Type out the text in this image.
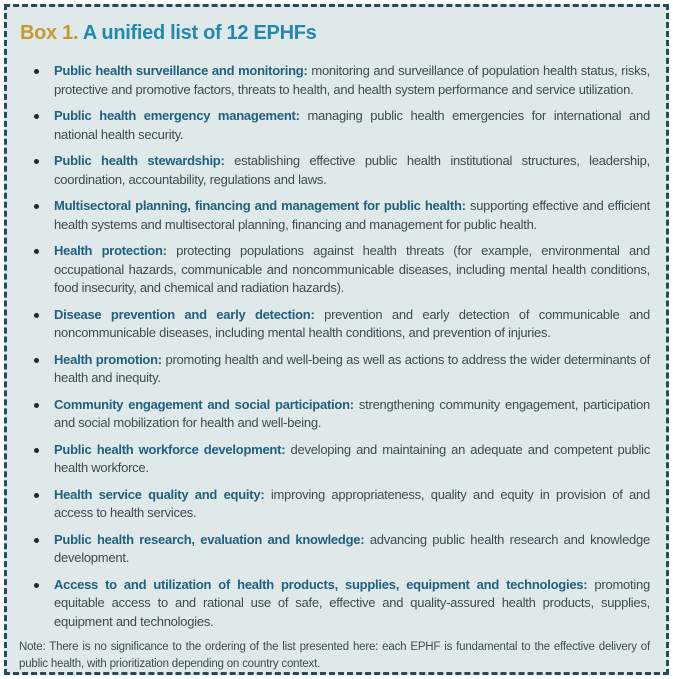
Box 1. A unified list of 12 EPHFs

Public health surveillance and monitoring: monitoring and surveillance of population health status, risks, protective and promotive factors, threats to health, and health system performance and service utilization.

Public health emergency management: managing public health emergencies for international and national health security.

Public health stewardship: establishing effective public health institutional structures, leadership, coordination, accountability, regulations and laws.

Multisectoral planning, financing and management for public health: supporting effective and efficient health systems and multisectoral planning, financing and management for public health.

Health protection: protecting populations against health threats (for example, environmental and occupational hazards, communicable and noncommunicable diseases, including mental health conditions, food insecurity, and chemical and radiation hazards).

Disease prevention and early detection: prevention and early detection of communicable and noncommunicable diseases, including mental health conditions, and prevention of injuries.

Health promotion: promoting health and well-being as well as actions to address the wider determinants of health and inequity.

Community engagement and social participation: strengthening community engagement, participation and social mobilization for health and well-being.

Public health workforce development: developing and maintaining an adequate and competent public health workforce.

Health service quality and equity: improving appropriateness, quality and equity in provision of and access to health services.

Public health research, evaluation and knowledge: advancing public health research and knowledge development.

Access to and utilization of health products, supplies, equipment and technologies: promoting equitable access to and rational use of safe, effective and quality-assured health products, supplies, equipment and technologies.

Note: There is no significance to the ordering of the list presented here: each EPHF is fundamental to the effective delivery of public health, with prioritization depending on country context.
